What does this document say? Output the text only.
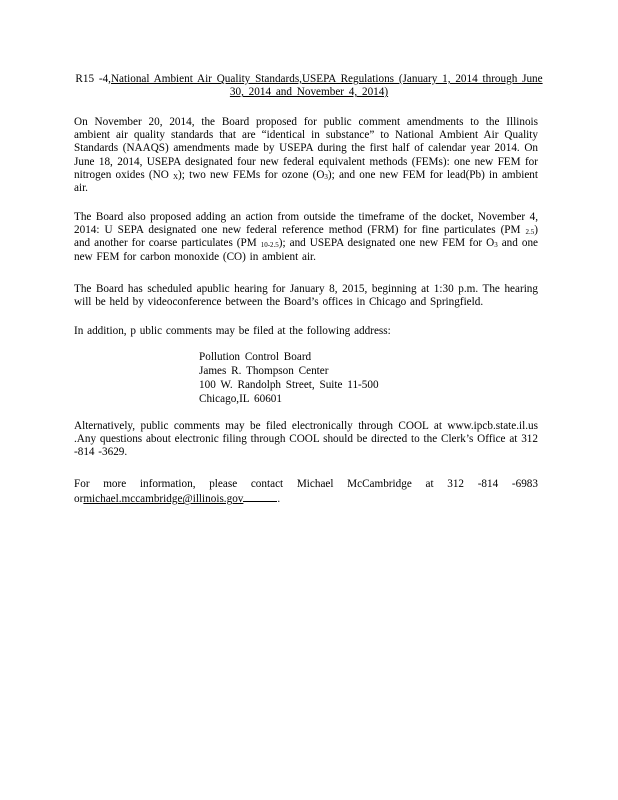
R15 -4,National Ambient Air Quality Standards,USEPA Regulations (January 1, 2014 through June 30, 2014 and November 4, 2014)
On November 20, 2014, the Board proposed for public comment amendments to the Illinois ambient air quality standards that are “identical in substance” to National Ambient Air Quality Standards (NAAQS) amendments made by USEPA during the first half of calendar year 2014. On June 18, 2014, USEPA designated four new federal equivalent methods (FEMs): one new FEM for nitrogen oxides (NO $_X$); two new FEMs for ozone $(O_3)$; and one new FEM for lead(Pb) in ambient air.
The Board also proposed adding an action from outside the timeframe of the docket, November 4, 2014: U SEPA designated one new federal reference method (FRM) for fine particulates (PM $_{2.5}$) and another for coarse particulates (PM $_{10-2.5}$); and USEPA designated one new FEM for $O_3$ and one new FEM for carbon monoxide (CO) in ambient air.
The Board has scheduled apublic hearing for January 8, 2015, beginning at 1:30 p.m. The hearing will be held by videoconference between the Board’s offices in Chicago and Springfield.
In addition, p ublic comments may be filed at the following address:
Pollution Control Board
James R. Thompson Center
100 W. Randolph Street, Suite 11-500
Chicago,IL 60601
Alternatively, public comments may be filed electronically through COOL at www.ipcb.state.il.us .Any questions about electronic filing through COOL should be directed to the Clerk’s Office at 312 -814 -3629.
For more information, please contact Michael McCambridge at 312 -814 -6983 ormichael.mccambridge@illinois.gov	.
